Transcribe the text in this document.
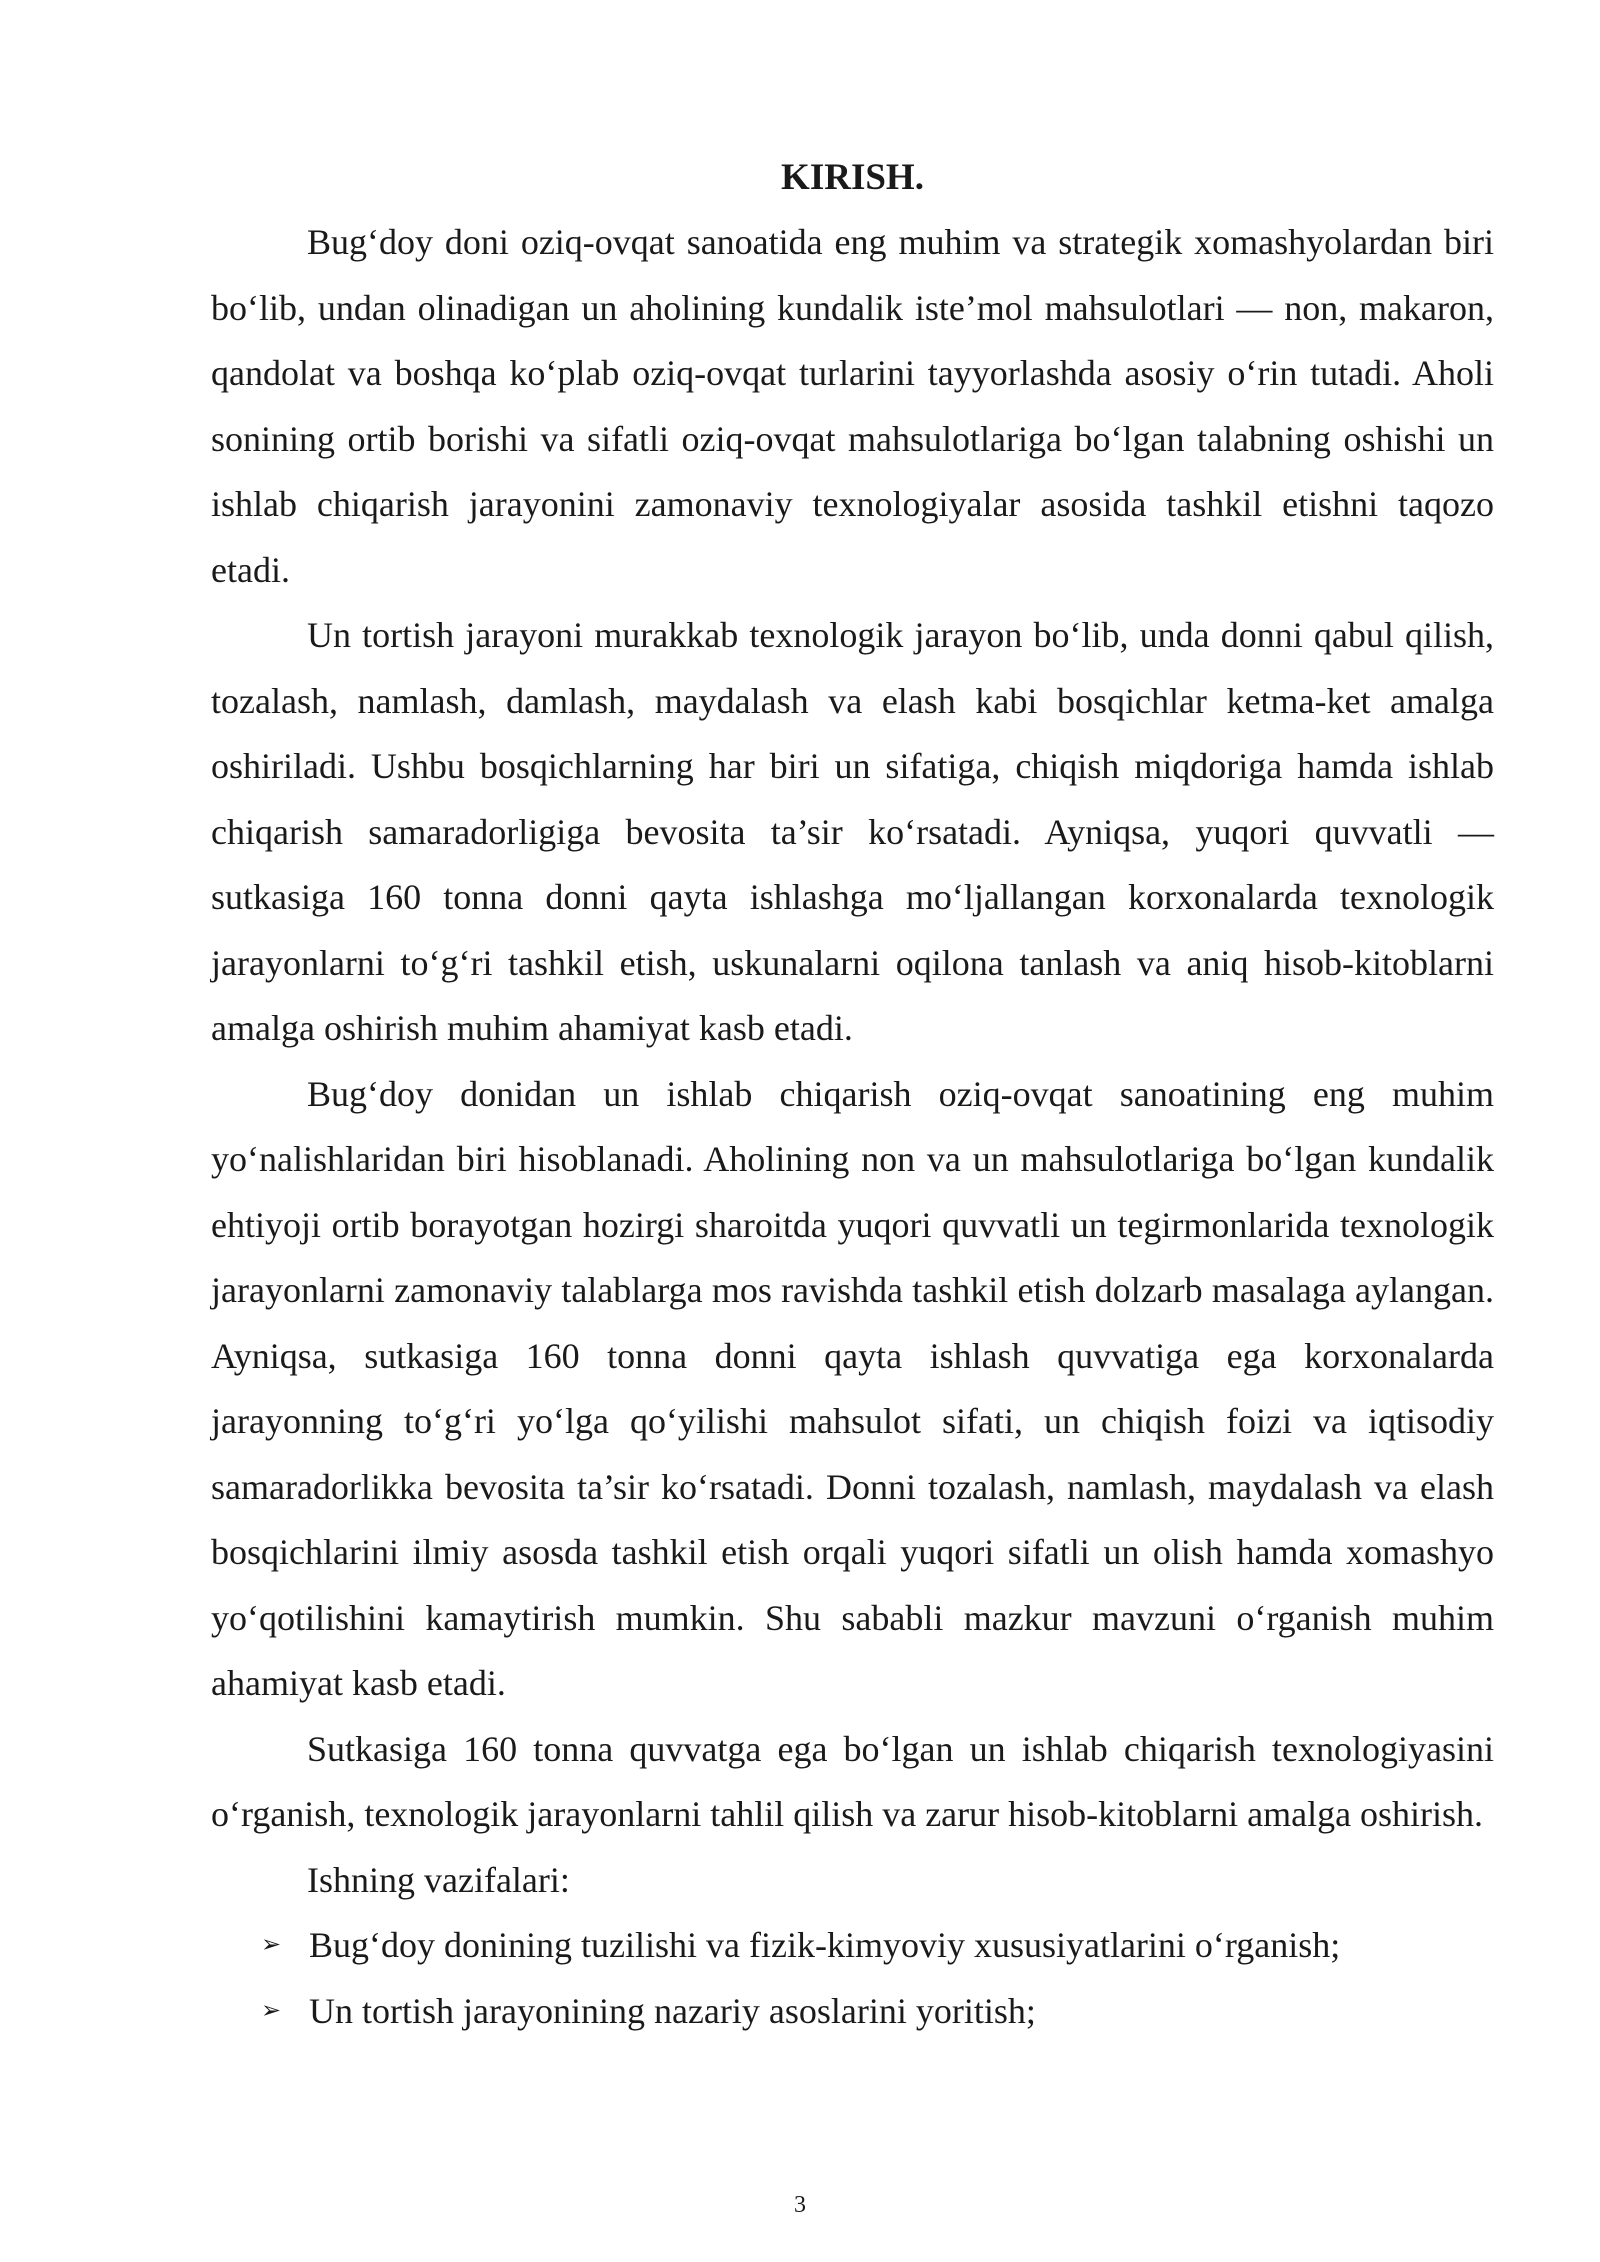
KIRISH.

Bug‘doy doni oziq-ovqat sanoatida eng muhim va strategik xomashyolardan biri bo‘lib, undan olinadigan un aholining kundalik iste’mol mahsulotlari — non, makaron, qandolat va boshqa ko‘plab oziq-ovqat turlarini tayyorlashda asosiy o‘rin tutadi. Aholi sonining ortib borishi va sifatli oziq-ovqat mahsulotlariga bo‘lgan talabning oshishi un ishlab chiqarish jarayonini zamonaviy texnologiyalar asosida tashkil etishni taqozo etadi.

Un tortish jarayoni murakkab texnologik jarayon bo‘lib, unda donni qabul qilish, tozalash, namlash, damlash, maydalash va elash kabi bosqichlar ketma-ket amalga oshiriladi. Ushbu bosqichlarning har biri un sifatiga, chiqish miqdoriga hamda ishlab chiqarish samaradorligiga bevosita ta’sir ko‘rsatadi. Ayniqsa, yuqori quvvatli — sutkasiga 160 tonna donni qayta ishlashga mo‘ljallangan korxonalarda texnologik jarayonlarni to‘g‘ri tashkil etish, uskunalarni oqilona tanlash va aniq hisob-kitoblarni amalga oshirish muhim ahamiyat kasb etadi.

Bug‘doy donidan un ishlab chiqarish oziq-ovqat sanoatining eng muhim yo‘nalishlaridan biri hisoblanadi. Aholining non va un mahsulotlariga bo‘lgan kundalik ehtiyoji ortib borayotgan hozirgi sharoitda yuqori quvvatli un tegirmonlarida texnologik jarayonlarni zamonaviy talablarga mos ravishda tashkil etish dolzarb masalaga aylangan. Ayniqsa, sutkasiga 160 tonna donni qayta ishlash quvvatiga ega korxonalarda jarayonning to‘g‘ri yo‘lga qo‘yilishi mahsulot sifati, un chiqish foizi va iqtisodiy samaradorlikka bevosita ta’sir ko‘rsatadi. Donni tozalash, namlash, maydalash va elash bosqichlarini ilmiy asosda tashkil etish orqali yuqori sifatli un olish hamda xomashyo yo‘qotilishini kamaytirish mumkin. Shu sababli mazkur mavzuni o‘rganish muhim ahamiyat kasb etadi.

Sutkasiga 160 tonna quvvatga ega bo‘lgan un ishlab chiqarish texnologiyasini o‘rganish, texnologik jarayonlarni tahlil qilish va zarur hisob-kitoblarni amalga oshirish.

Ishning vazifalari:

➢ Bug‘doy donining tuzilishi va fizik-kimyoviy xususiyatlarini o‘rganish;
➢ Un tortish jarayonining nazariy asoslarini yoritish;
3
